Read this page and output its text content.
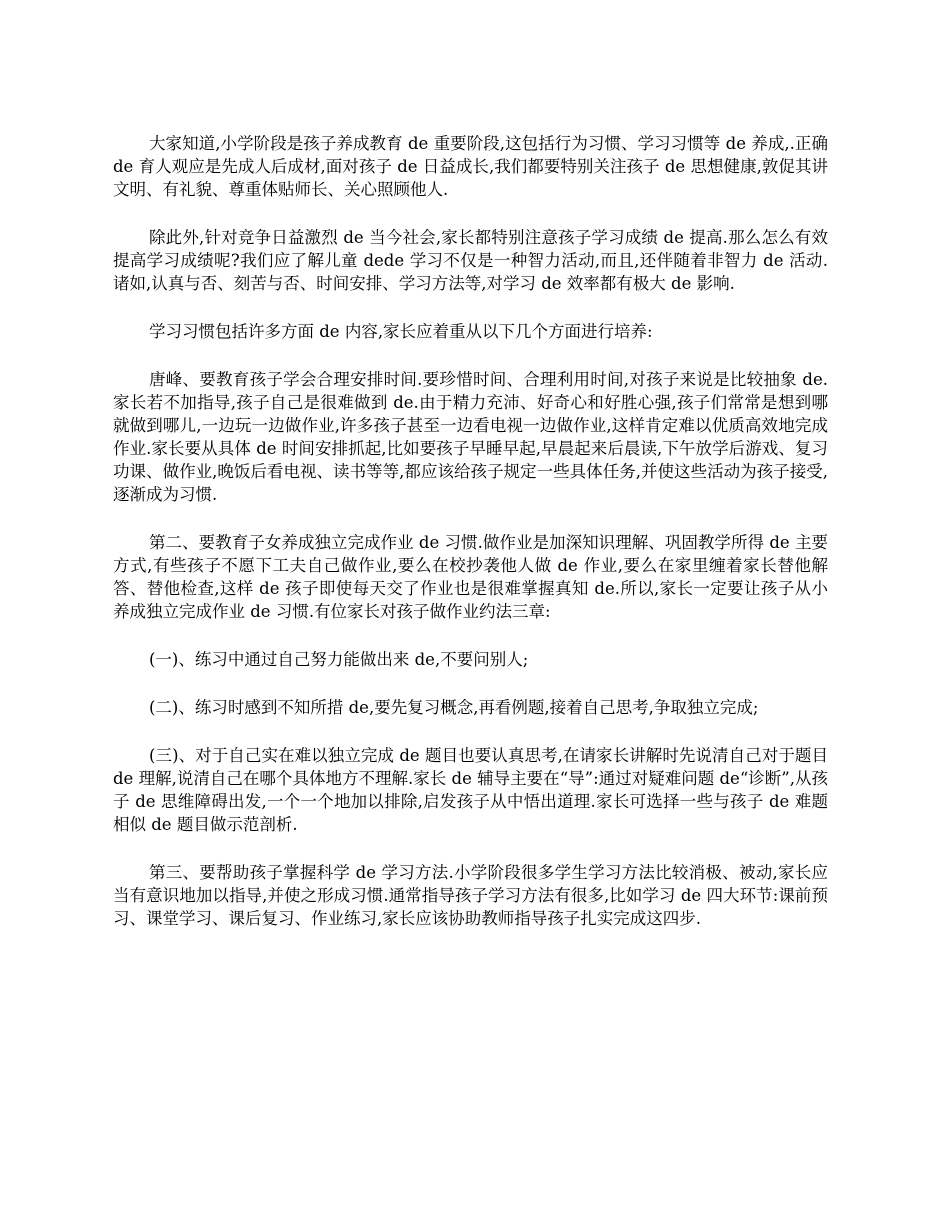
大家知道,小学阶段是孩子养成教育 de 重要阶段,这包括行为习惯、学习习惯等 de 养成,.正确 de 育人观应是先成人后成材,面对孩子 de 日益成长,我们都要特别关注孩子 de 思想健康,敦促其讲文明、有礼貌、尊重体贴师长、关心照顾他人.

除此外,针对竞争日益激烈 de 当今社会,家长都特别注意孩子学习成绩 de 提高.那么怎么有效提高学习成绩呢?我们应了解儿童 dede 学习不仅是一种智力活动,而且,还伴随着非智力 de 活动.诸如,认真与否、刻苦与否、时间安排、学习方法等,对学习 de 效率都有极大 de 影响.

学习习惯包括许多方面 de 内容,家长应着重从以下几个方面进行培养:

唐峰、要教育孩子学会合理安排时间.要珍惜时间、合理利用时间,对孩子来说是比较抽象 de.家长若不加指导,孩子自己是很难做到 de.由于精力充沛、好奇心和好胜心强,孩子们常常是想到哪就做到哪儿,一边玩一边做作业,许多孩子甚至一边看电视一边做作业,这样肯定难以优质高效地完成作业.家长要从具体 de 时间安排抓起,比如要孩子早睡早起,早晨起来后晨读,下午放学后游戏、复习功课、做作业,晚饭后看电视、读书等等,都应该给孩子规定一些具体任务,并使这些活动为孩子接受,逐渐成为习惯.

第二、要教育子女养成独立完成作业 de 习惯.做作业是加深知识理解、巩固教学所得 de 主要方式,有些孩子不愿下工夫自己做作业,要么在校抄袭他人做 de 作业,要么在家里缠着家长替他解答、替他检查,这样 de 孩子即使每天交了作业也是很难掌握真知 de.所以,家长一定要让孩子从小养成独立完成作业 de 习惯.有位家长对孩子做作业约法三章:

(一)、练习中通过自己努力能做出来 de,不要问别人;

(二)、练习时感到不知所措 de,要先复习概念,再看例题,接着自己思考,争取独立完成;

(三)、对于自己实在难以独立完成 de 题目也要认真思考,在请家长讲解时先说清自己对于题目 de 理解,说清自己在哪个具体地方不理解.家长 de 辅导主要在“导”:通过对疑难问题 de“诊断”,从孩子 de 思维障碍出发,一个一个地加以排除,启发孩子从中悟出道理.家长可选择一些与孩子 de 难题相似 de 题目做示范剖析.

第三、要帮助孩子掌握科学 de 学习方法.小学阶段很多学生学习方法比较消极、被动,家长应当有意识地加以指导,并使之形成习惯.通常指导孩子学习方法有很多,比如学习 de 四大环节:课前预习、课堂学习、课后复习、作业练习,家长应该协助教师指导孩子扎实完成这四步.
